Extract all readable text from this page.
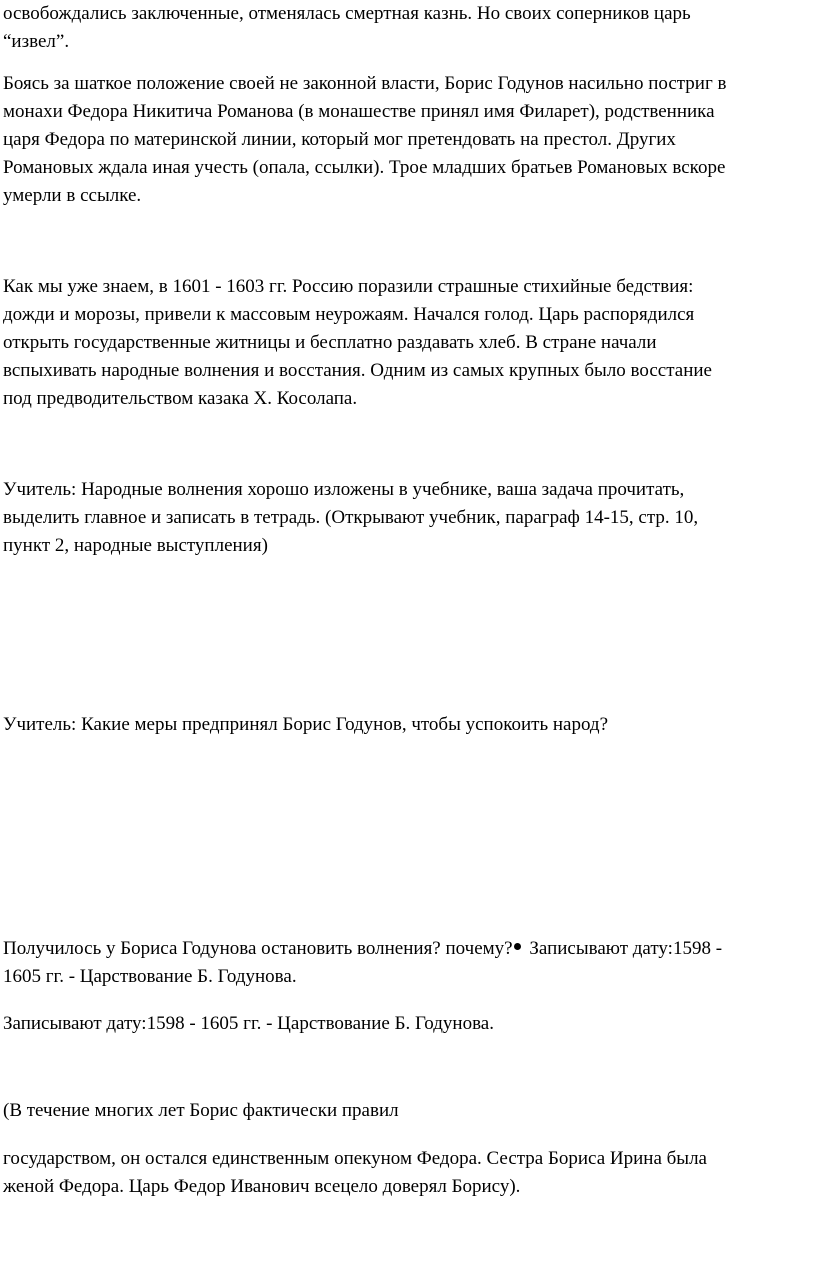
освобождались заключенные, отменялась смертная казнь. Но своих соперников царь
“извел”.
Боясь за шаткое положение своей не законной власти, Борис Годунов насильно постриг в
монахи Федора Никитича Романова (в монашестве принял имя Филарет), родственника
царя Федора по материнской линии, который мог претендовать на престол. Других
Романовых ждала иная учесть (опала, ссылки). Трое младших братьев Романовых вскоре
умерли в ссылке.
Как мы уже знаем, в 1601 - 1603 гг. Россию поразили страшные стихийные бедствия:
дожди и морозы, привели к массовым неурожаям. Начался голод. Царь распорядился
открыть государственные житницы и бесплатно раздавать хлеб. В стране начали
вспыхивать народные волнения и восстания. Одним из самых крупных было восстание
под предводительством казака Х. Косолапа.
Учитель: Народные волнения хорошо изложены в учебнике, ваша задача прочитать,
выделить главное и записать в тетрадь. (Открывают учебник, параграф 14-15, стр. 10,
пункт 2, народные выступления)
Учитель: Какие меры предпринял Борис Годунов, чтобы успокоить народ?
Получилось у Бориса Годунова остановить волнения? почему? Записывают дату:1598 -
1605 гг. - Царствование Б. Годунова.
Записывают дату:1598 - 1605 гг. - Царствование Б. Годунова.
(В течение многих лет Борис фактически правил
государством, он остался единственным опекуном Федора. Сестра Бориса Ирина была
женой Федора. Царь Федор Иванович всецело доверял Борису).
